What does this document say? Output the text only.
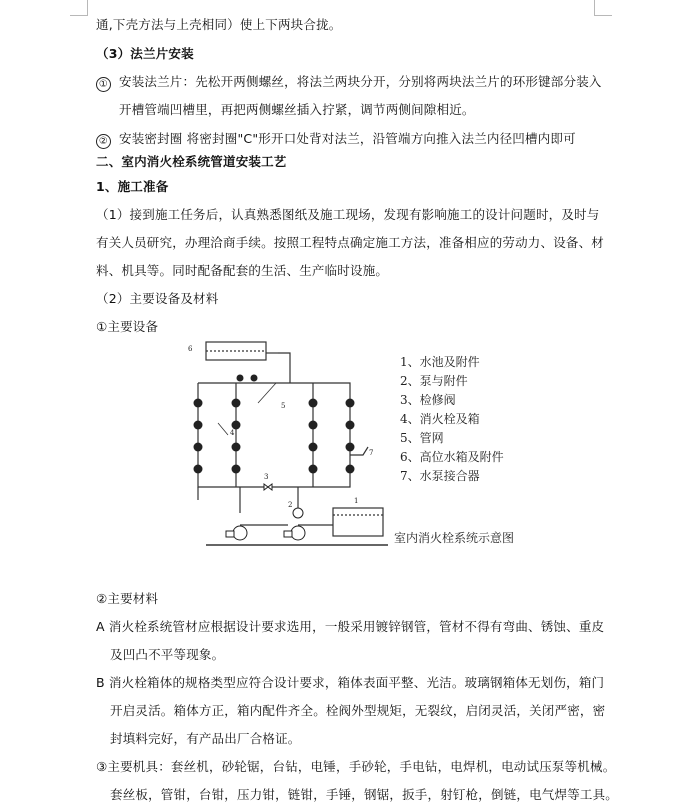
通,下壳方法与上壳相同）使上下两块合拢。
（3）法兰片安装
① 安装法兰片：先松开两侧螺丝，将法兰两块分开，分别将两块法兰片的环形键部分装入
开槽管端凹槽里，再把两侧螺丝插入拧紧，调节两侧间隙相近。
② 安装密封圈 将密封圈"C"形开口处背对法兰，沿管端方向推入法兰内径凹槽内即可
二、室内消火栓系统管道安装工艺
1、施工准备
（1）接到施工任务后，认真熟悉图纸及施工现场，发现有影响施工的设计问题时，及时与
有关人员研究，办理洽商手续。按照工程特点确定施工方法，准备相应的劳动力、设备、材
料、机具等。同时配备配套的生活、生产临时设施。
（2）主要设备及材料
①主要设备
6
5
4
3
7
2	1
1、水池及附件
2、泵与附件
3、检修阀
4、消火栓及箱
5、管网
6、高位水箱及附件
7、水泵接合器
室内消火栓系统示意图
②主要材料
A 消火栓系统管材应根据设计要求选用，一般采用镀锌钢管，管材不得有弯曲、锈蚀、重皮
及凹凸不平等现象。
B 消火栓箱体的规格类型应符合设计要求，箱体表面平整、光洁。玻璃钢箱体无划伤，箱门
开启灵活。箱体方正，箱内配件齐全。栓阀外型规矩，无裂纹，启闭灵活，关闭严密，密
封填料完好，有产品出厂合格证。
③主要机具：套丝机，砂轮锯，台钻，电锤，手砂轮，手电钻，电焊机，电动试压泵等机械。
套丝板，管钳，台钳，压力钳，链钳，手锤，钢锯，扳手，射钉枪，倒链，电气焊等工具。
